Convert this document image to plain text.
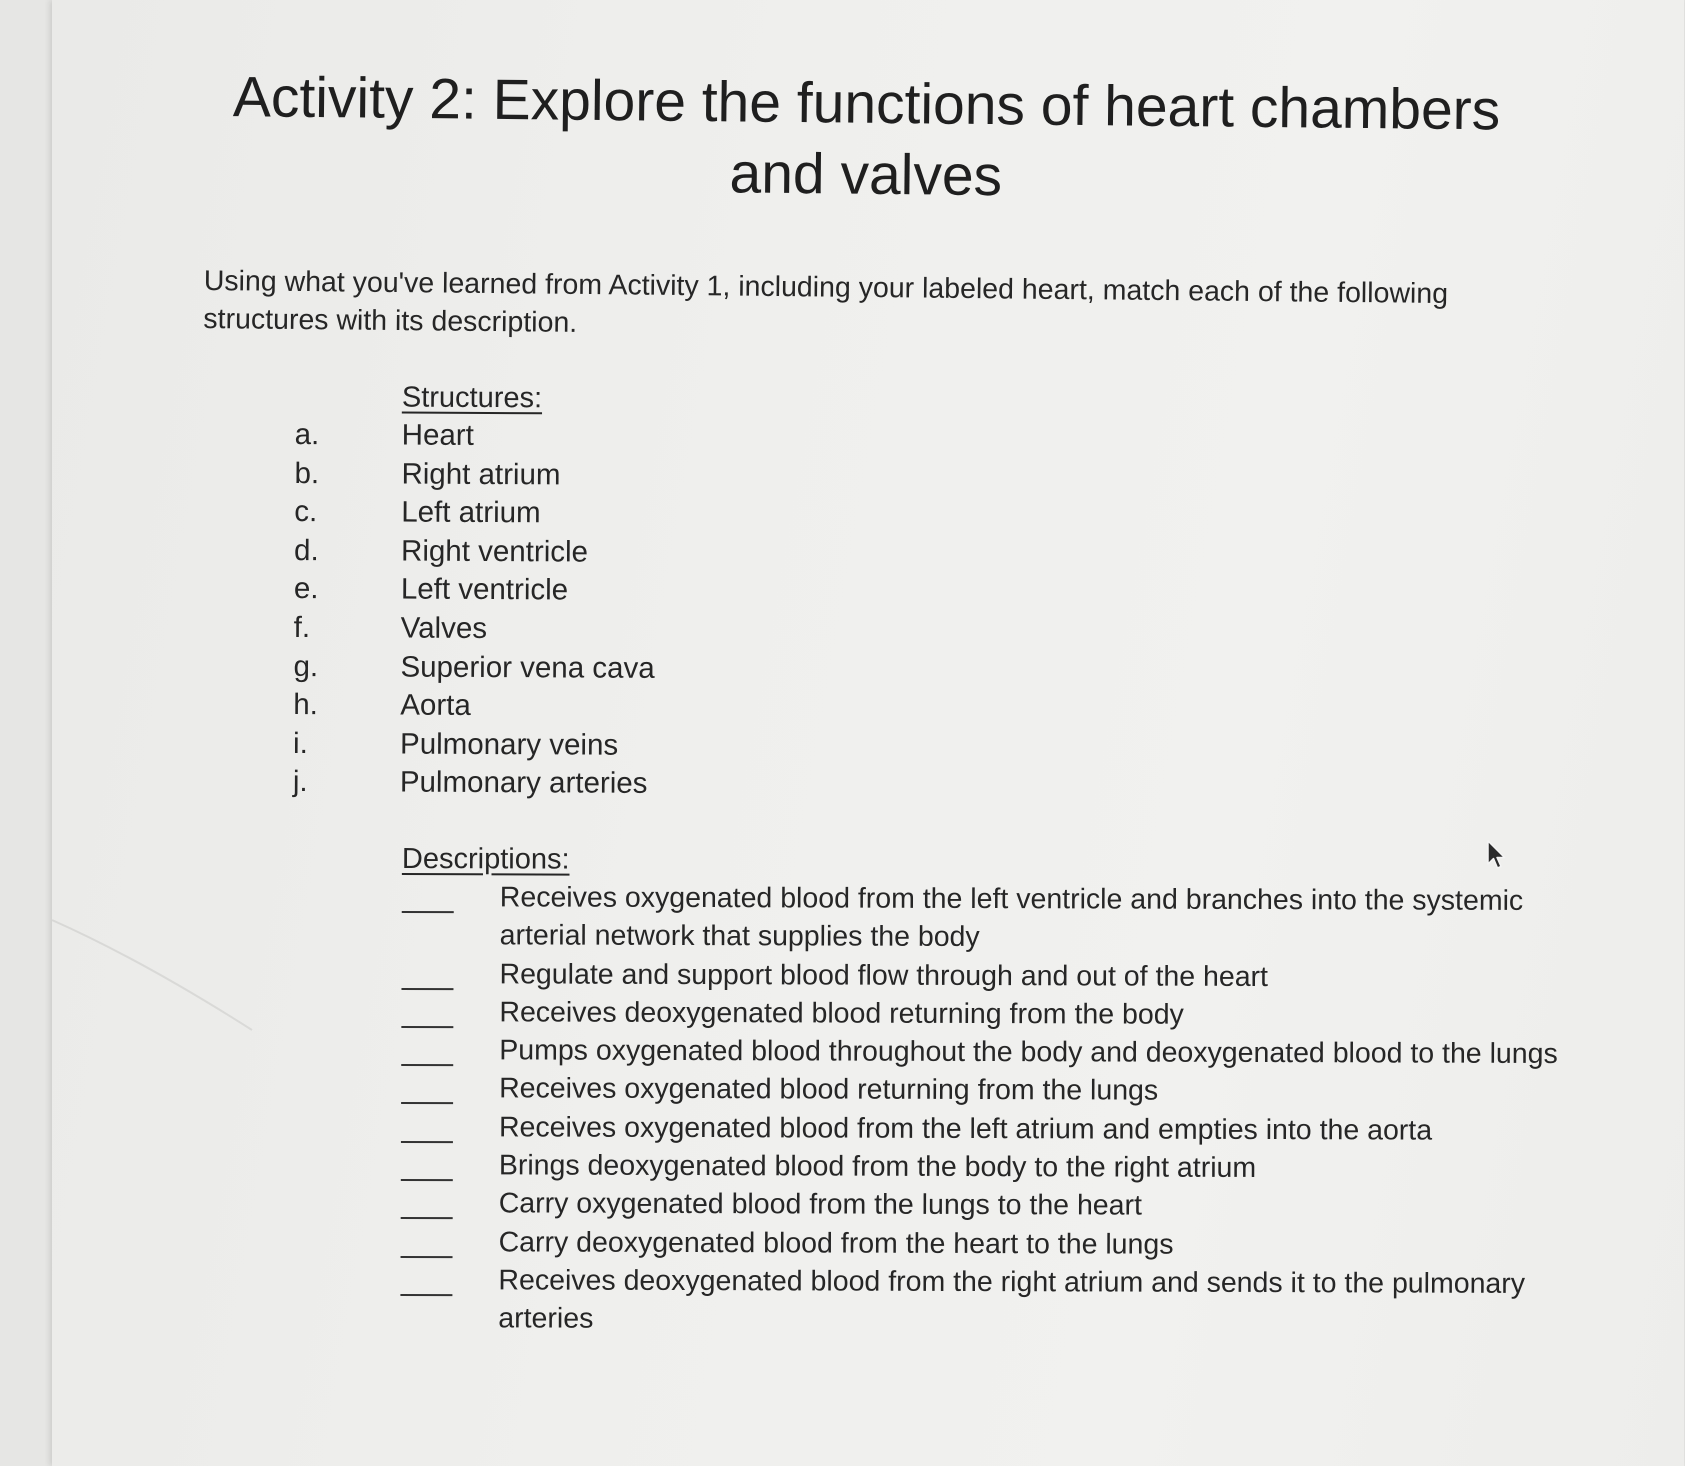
Activity 2: Explore the functions of heart chambers and valves

Using what you've learned from Activity 1, including your labeled heart, match each of the following structures with its description.

Structures:
a.	Heart
b.	Right atrium
c.	Left atrium
d.	Right ventricle
e.	Left ventricle
f.	Valves
g.	Superior vena cava
h.	Aorta
i.	Pulmonary veins
j.	Pulmonary arteries
Descriptions:
Receives oxygenated blood from the left ventricle and branches into the systemic arterial network that supplies the body
Regulate and support blood flow through and out of the heart
Receives deoxygenated blood returning from the body
Pumps oxygenated blood throughout the body and deoxygenated blood to the lungs
Receives oxygenated blood returning from the lungs
Receives oxygenated blood from the left atrium and empties into the aorta
Brings deoxygenated blood from the body to the right atrium
Carry oxygenated blood from the lungs to the heart
Carry deoxygenated blood from the heart to the lungs
Receives deoxygenated blood from the right atrium and sends it to the pulmonary arteries
